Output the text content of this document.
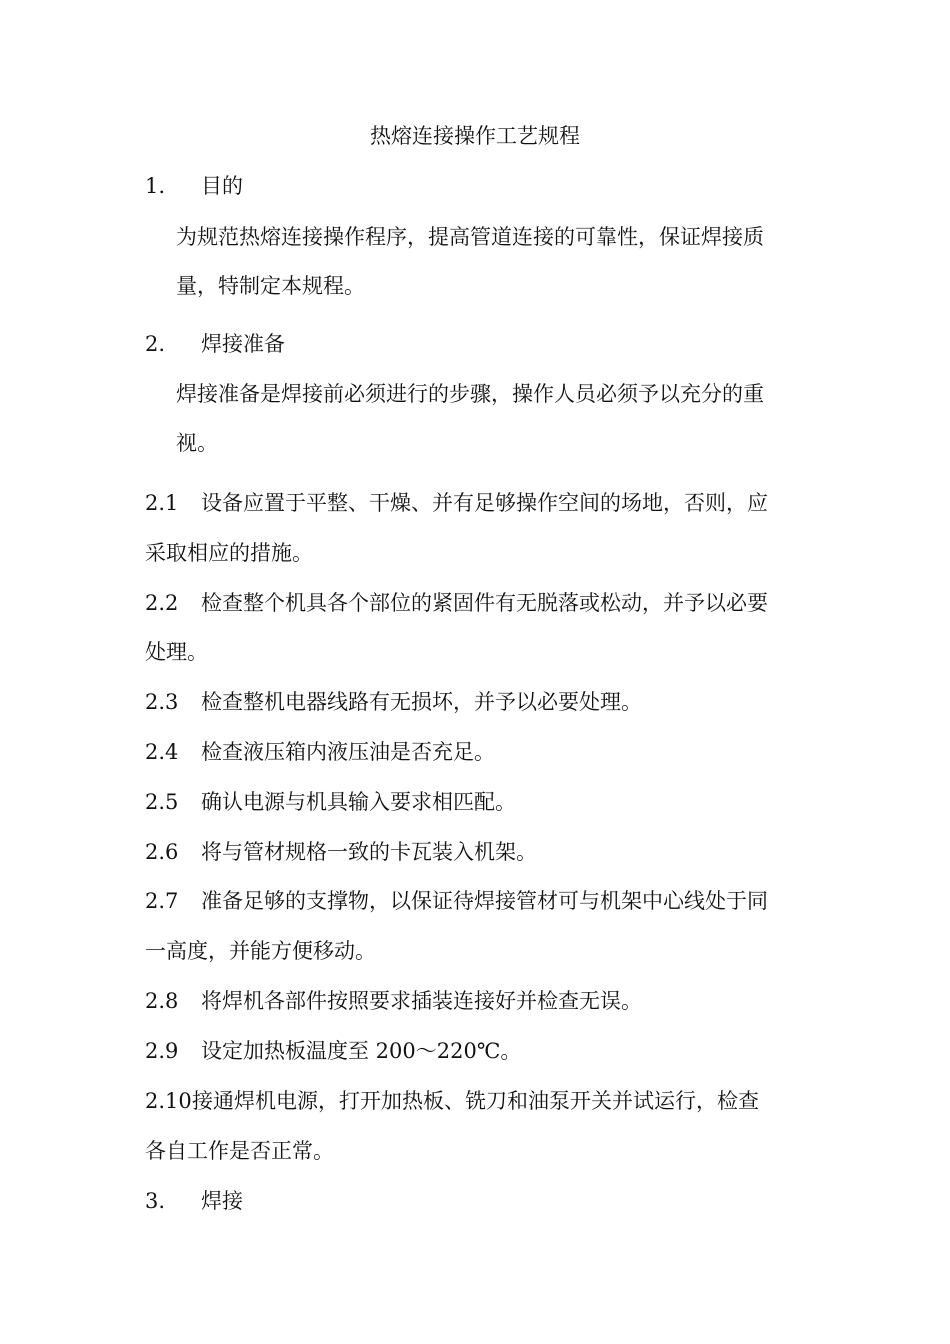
热熔连接操作工艺规程
1. 目的
为规范热熔连接操作程序，提高管道连接的可靠性，保证焊接质
量，特制定本规程。
2. 焊接准备
焊接准备是焊接前必须进行的步骤，操作人员必须予以充分的重
视。
2.1 设备应置于平整、干燥、并有足够操作空间的场地，否则，应
采取相应的措施。
2.2 检查整个机具各个部位的紧固件有无脱落或松动，并予以必要
处理。
2.3 检查整机电器线路有无损坏，并予以必要处理。
2.4 检查液压箱内液压油是否充足。
2.5 确认电源与机具输入要求相匹配。
2.6 将与管材规格一致的卡瓦装入机架。
2.7 准备足够的支撑物，以保证待焊接管材可与机架中心线处于同
一高度，并能方便移动。
2.8 将焊机各部件按照要求插装连接好并检查无误。
2.9 设定加热板温度至 200～220℃。
2.10接通焊机电源，打开加热板、铣刀和油泵开关并试运行，检查
各自工作是否正常。
3. 焊接
